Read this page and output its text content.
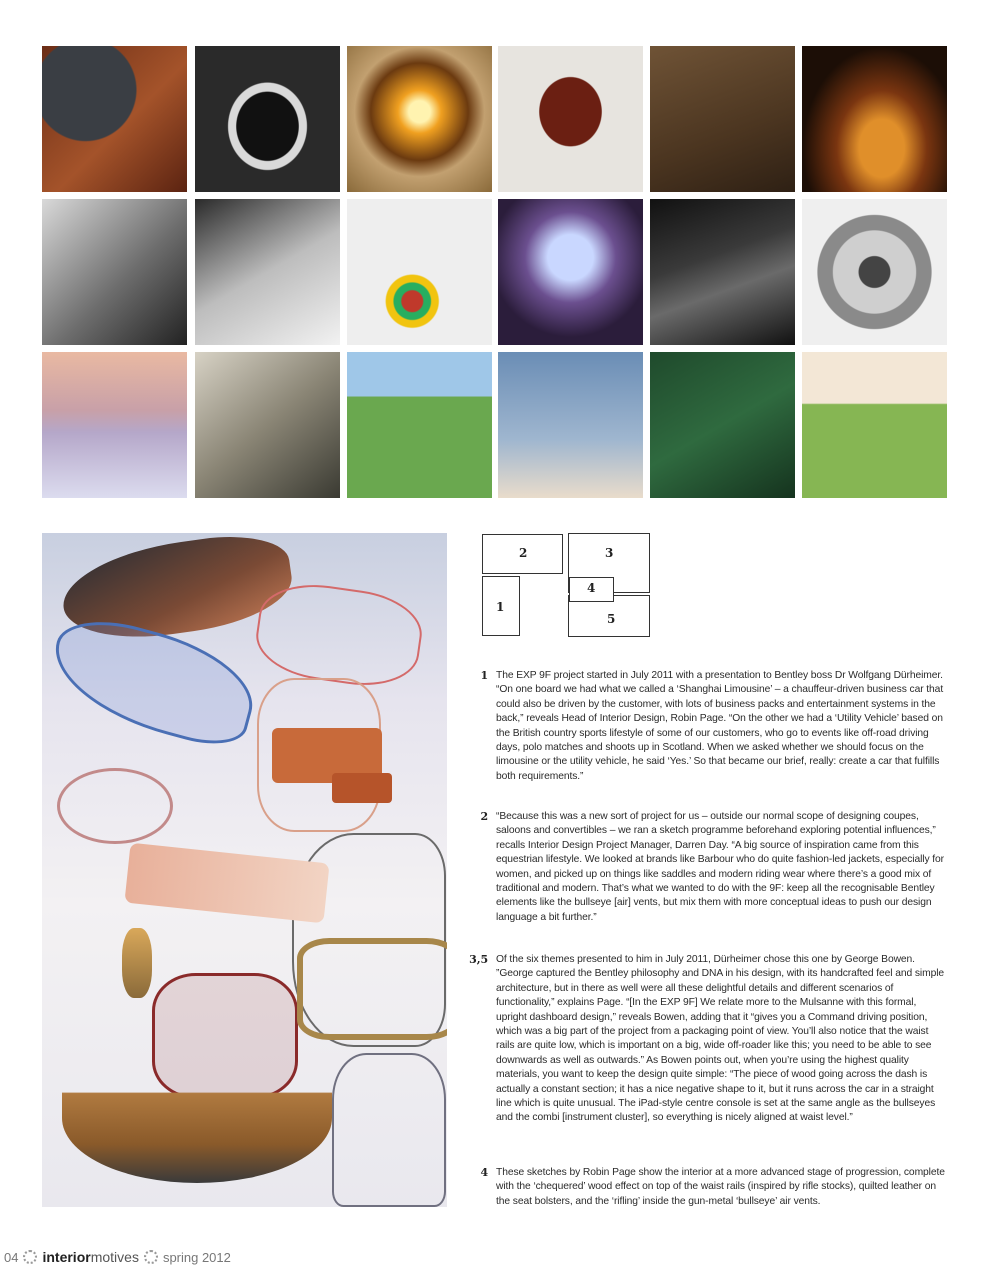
2	3
1
5
4
1 The EXP 9F project started in July 2011 with a presentation to Bentley boss Dr Wolfgang Dürheimer. “On one board we had what we called a ‘Shanghai Limousine’ – a chauffeur-driven business car that could also be driven by the customer, with lots of business packs and entertainment systems in the back,” reveals Head of Interior Design, Robin Page. “On the other we had a ‘Utility Vehicle’ based on the British country sports lifestyle of some of our customers, who go to events like off-road driving days, polo matches and shoots up in Scotland. When we asked whether we should focus on the limousine or the utility vehicle, he said ‘Yes.’ So that became our brief, really: create a car that fulfills both requirements.”
2 “Because this was a new sort of project for us – outside our normal scope of designing coupes, saloons and convertibles – we ran a sketch programme beforehand exploring potential influences,” recalls Interior Design Project Manager, Darren Day. “A big source of inspiration came from this equestrian lifestyle. We looked at brands like Barbour who do quite fashion-led jackets, especially for women, and picked up on things like saddles and modern riding wear where there’s a good mix of traditional and modern. That’s what we wanted to do with the 9F: keep all the recognisable Bentley elements like the bullseye [air] vents, but mix them with more conceptual ideas to push our design language a bit further.”
3,5 Of the six themes presented to him in July 2011, Dürheimer chose this one by George Bowen. ”George captured the Bentley philosophy and DNA in his design, with its handcrafted feel and simple architecture, but in there as well were all these delightful details and different scenarios of functionality,” explains Page. “[In the EXP 9F] We relate more to the Mulsanne with this formal, upright dashboard design,” reveals Bowen, adding that it “gives you a Command driving position, which was a big part of the project from a packaging point of view. You’ll also notice that the waist rails are quite low, which is important on a big, wide off-roader like this; you need to be able to see downwards as well as outwards.” As Bowen points out, when you’re using the highest quality materials, you want to keep the design quite simple: “The piece of wood going across the dash is actually a constant section; it has a nice negative shape to it, but it runs across the car in a straight line which is quite unusual. The iPad-style centre console is set at the same angle as the bullseyes and the combi [instrument cluster], so everything is nicely aligned at waist level.”
4 These sketches by Robin Page show the interior at a more advanced stage of progression, complete with the ‘chequered’ wood effect on top of the waist rails (inspired by rifle stocks), quilted leather on the seat bolsters, and the ‘rifling’ inside the gun-metal ‘bullseye’ air vents.
04 interior motives spring 2012
